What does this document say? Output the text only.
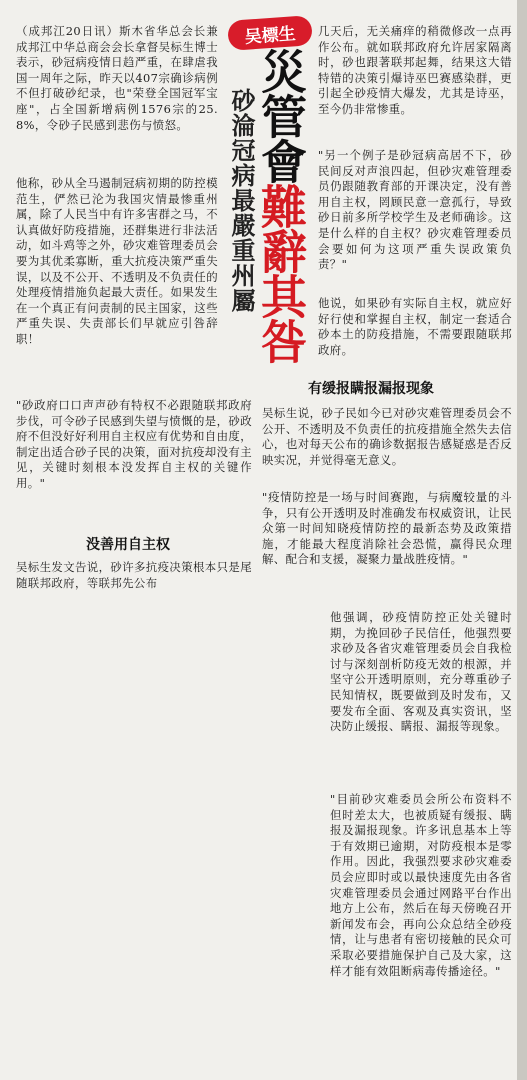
（成邦江20日讯）斯木省华总会长兼成邦江中华总商会会长拿督吴标生博士表示，砂冠病疫情日趋严重，在肆虐我国一周年之际，昨天以407宗确诊病例不但打破砂纪录，也"荣登全国冠军宝座"，占全国新增病例1576宗的25.8%，令砂子民感到悲伤与愤怒。

他称，砂从全马遏制冠病初期的防控模范生，俨然已沦为我国灾情最惨重州属，除了人民当中有许多害群之马，不认真做好防疫措施，还群集进行非法活动，如斗鸡等之外，砂灾难管理委员会要为其优柔寡断，重大抗疫决策严重失误，以及不公开、不透明及不负责任的处理疫情措施负起最大责任。如果发生在一个真正有问责制的民主国家，这些严重失误、失责部长们早就应引咎辞职！

"砂政府口口声声砂有特权不必跟随联邦政府步伐，可令砂子民感到失望与愤慨的是，砂政府不但没好好利用自主权应有优势和自由度，制定出适合砂子民的决策，面对抗疫却没有主见，关键时刻根本没发挥自主权的关键作用。"

没善用自主权

吴标生发文告说，砂许多抗疫决策根本只是尾随联邦政府，等联邦先公布

吴標生
災管會難辭其咎
砂淪冠病最嚴重州屬

几天后，无关痛痒的稍微修改一点再作公布。就如联邦政府允许居家隔离时，砂也跟著联邦起舞，结果这大错特错的决策引爆诗巫巴赛感染群，更引起全砂疫情大爆发，尤其是诗巫，至今仍非常惨重。

"另一个例子是砂冠病高居不下，砂民间反对声浪四起，但砂灾难管理委员仍跟随教育部的开课决定，没有善用自主权，罔顾民意一意孤行，导致砂日前多所学校学生及老师确诊。这是什么样的自主权？砂灾难管理委员会要如何为这项严重失误政策负责？"

他说，如果砂有实际自主权，就应好好行使和掌握自主权，制定一套适合砂本土的防疫措施，不需要跟随联邦政府。

有缓报瞒报漏报现象

吴标生说，砂子民如今已对砂灾难管理委员会不公开、不透明及不负责任的抗疫措施全然失去信心，也对每天公布的确诊数据报告感疑惑是否反映实况，并觉得毫无意义。

"疫情防控是一场与时间赛跑，与病魔较量的斗争，只有公开透明及时准确发布权威资讯，让民众第一时间知晓疫情防控的最新态势及政策措施，才能最大程度消除社会恐慌，赢得民众理解、配合和支援，凝聚力量战胜疫情。"

他强调，砂疫情防控正处关键时期，为挽回砂子民信任，他强烈要求砂及各省灾难管理委员会自我检讨与深刻剖析防疫无效的根源，并坚守公开透明原则，充分尊重砂子民知情权，既要做到及时发布，又要发布全面、客观及真实资讯，坚决防止缓报、瞒报、漏报等现象。

"目前砂灾难委员会所公布资料不但时差太大，也被质疑有缓报、瞒报及漏报现象。许多讯息基本上等于有效期已逾期，对防疫根本是零作用。因此，我强烈要求砂灾难委员会应即时或以最快速度先由各省灾难管理委员会通过网路平台作出地方上公布，然后在每天傍晚召开新闻发布会，再向公众总结全砂疫情，让与患者有密切接触的民众可采取必要措施保护自己及大家，这样才能有效阻断病毒传播途径。"
